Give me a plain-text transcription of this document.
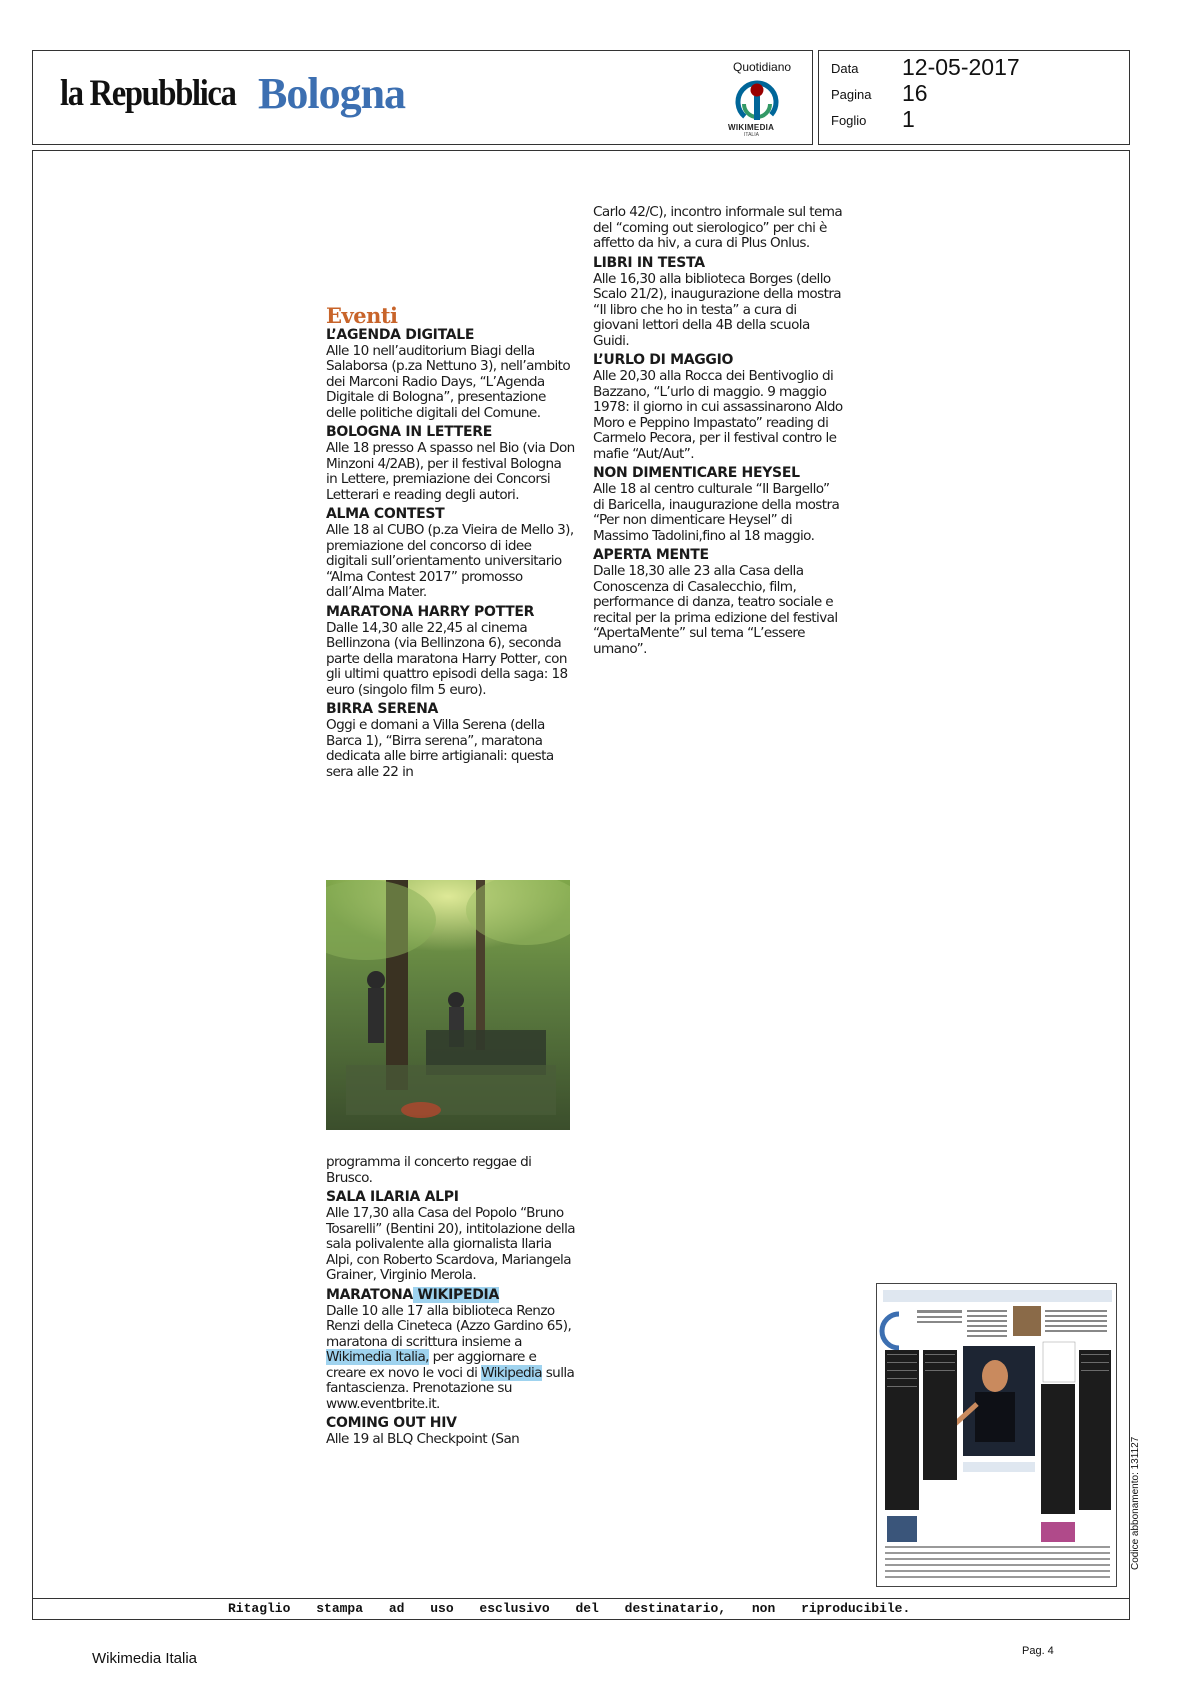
la Repubblica Bologna
Quotidiano
WIKIMEDIA
ITALIA
Data 12-05-2017
Pagina 16
Foglio 1
Eventi
L’AGENDA DIGITALE

Alle 10 nell’auditorium Biagi della Salaborsa (p.za Nettuno 3), nell’ambito dei Marconi Radio Days, “L’Agenda Digitale di Bologna”, presentazione delle politiche digitali del Comune.

BOLOGNA IN LETTERE

Alle 18 presso A spasso nel Bio (via Don Minzoni 4/2AB), per il festival Bologna in Lettere, premiazione dei Concorsi Letterari e reading degli autori.

ALMA CONTEST

Alle 18 al CUBO (p.za Vieira de Mello 3), premiazione del concorso di idee digitali sull’orientamento universitario “Alma Contest 2017” promosso dall’Alma Mater.

MARATONA HARRY POTTER

Dalle 14,30 alle 22,45 al cinema Bellinzona (via Bellinzona 6), seconda parte della maratona Harry Potter, con gli ultimi quattro episodi della saga: 18 euro (singolo film 5 euro).

BIRRA SERENA

Oggi e domani a Villa Serena (della Barca 1), “Birra serena”, maratona dedicata alle birre artigianali: questa sera alle 22 in

programma il concerto reggae di Brusco.

SALA ILARIA ALPI

Alle 17,30 alla Casa del Popolo “Bruno Tosarelli” (Bentini 20), intitolazione della sala polivalente alla giornalista Ilaria Alpi, con Roberto Scardova, Mariangela Grainer, Virginio Merola.

MARATONA WIKIPEDIA

Dalle 10 alle 17 alla biblioteca Renzo Renzi della Cineteca (Azzo Gardino 65), maratona di scrittura insieme a Wikimedia Italia, per aggiornare e creare ex novo le voci di Wikipedia sulla fantascienza. Prenotazione su www.eventbrite.it.

COMING OUT HIV

Alle 19 al BLQ Checkpoint (San

Carlo 42/C), incontro informale sul tema del “coming out sierologico” per chi è affetto da hiv, a cura di Plus Onlus.

LIBRI IN TESTA

Alle 16,30 alla biblioteca Borges (dello Scalo 21/2), inaugurazione della mostra “Il libro che ho in testa” a cura di giovani lettori della 4B della scuola Guidi.

L’URLO DI MAGGIO

Alle 20,30 alla Rocca dei Bentivoglio di Bazzano, “L’urlo di maggio. 9 maggio 1978: il giorno in cui assassinarono Aldo Moro e Peppino Impastato” reading di Carmelo Pecora, per il festival contro le mafie “Aut/Aut”.

NON DIMENTICARE HEYSEL

Alle 18 al centro culturale “Il Bargello” di Baricella, inaugurazione della mostra “Per non dimenticare Heysel” di Massimo Tadolini,fino al 18 maggio.

APERTA MENTE

Dalle 18,30 alle 23 alla Casa della Conoscenza di Casalecchio, film, performance di danza, teatro sociale e recital per la prima edizione del festival “ApertaMente” sul tema “L’essere umano”.

Ritaglio stampa ad uso esclusivo del destinatario, non riproducibile.
Codice abbonamento: 131127
Wikimedia Italia	Pag. 4
